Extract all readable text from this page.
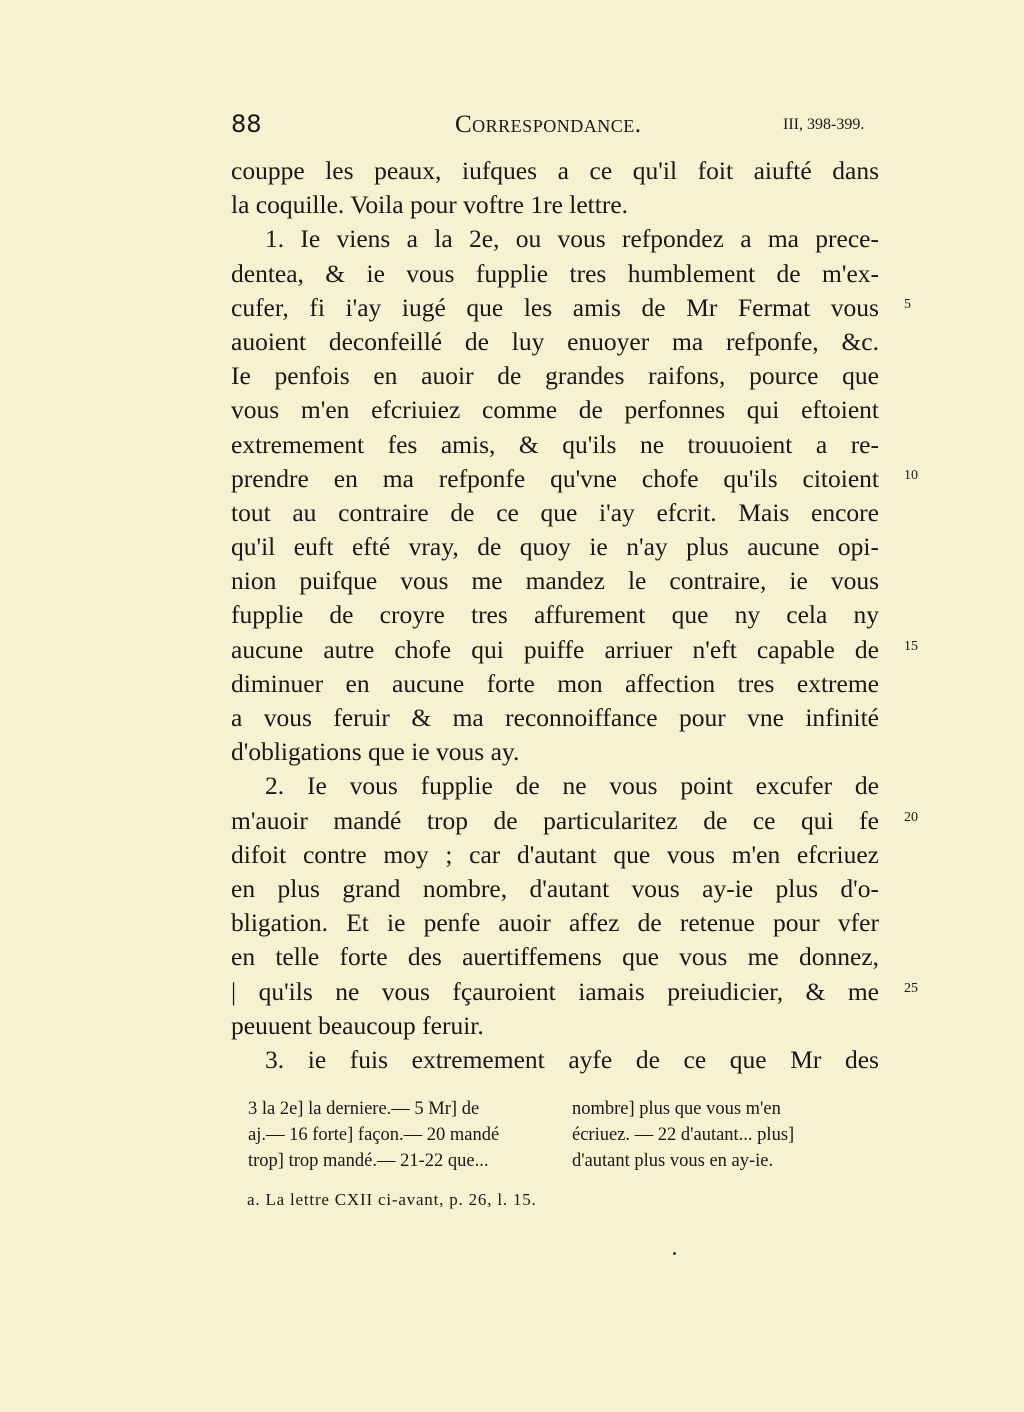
88	Correspondance.	III, 398-399.
couppe les peaux, iufques a ce qu'il foit aiufté dans
la coquille. Voila pour voftre 1re lettre.
1. Ie viens a la 2e, ou vous refpondez a ma prece-
dentea, & ie vous fupplie tres humblement de m'ex-
cufer, fi i'ay iugé que les amis de Mr Fermat vous
auoient deconfeillé de luy enuoyer ma refponfe, &c.
Ie penfois en auoir de grandes raifons, pource que
vous m'en efcriuiez comme de perfonnes qui eftoient
extremement fes amis, & qu'ils ne trouuoient a re-
prendre en ma refponfe qu'vne chofe qu'ils citoient
tout au contraire de ce que i'ay efcrit. Mais encore
qu'il euft efté vray, de quoy ie n'ay plus aucune opi-
nion puifque vous me mandez le contraire, ie vous
fupplie de croyre tres affurement que ny cela ny
aucune autre chofe qui puiffe arriuer n'eft capable de
diminuer en aucune forte mon affection tres extreme
a vous feruir & ma reconnoiffance pour vne infinité
d'obligations que ie vous ay.
2. Ie vous fupplie de ne vous point excufer de
m'auoir mandé trop de particularitez de ce qui fe
difoit contre moy ; car d'autant que vous m'en efcriuez
en plus grand nombre, d'autant vous ay-ie plus d'o-
bligation. Et ie penfe auoir affez de retenue pour vfer
en telle forte des auertiffemens que vous me donnez,
| qu'ils ne vous fçauroient iamais preiudicier, & me
peuuent beaucoup feruir.
3. ie fuis extremement ayfe de ce que Mr des
5
10
15
20
25
3 la 2e] la derniere.— 5 Mr] de
aj.— 16 forte] façon.— 20 mandé
trop] trop mandé.— 21-22 que...
nombre] plus que vous m'en
écriuez. — 22 d'autant... plus]
d'autant plus vous en ay-ie.
a. La lettre CXII ci-avant, p. 26, l. 15.
